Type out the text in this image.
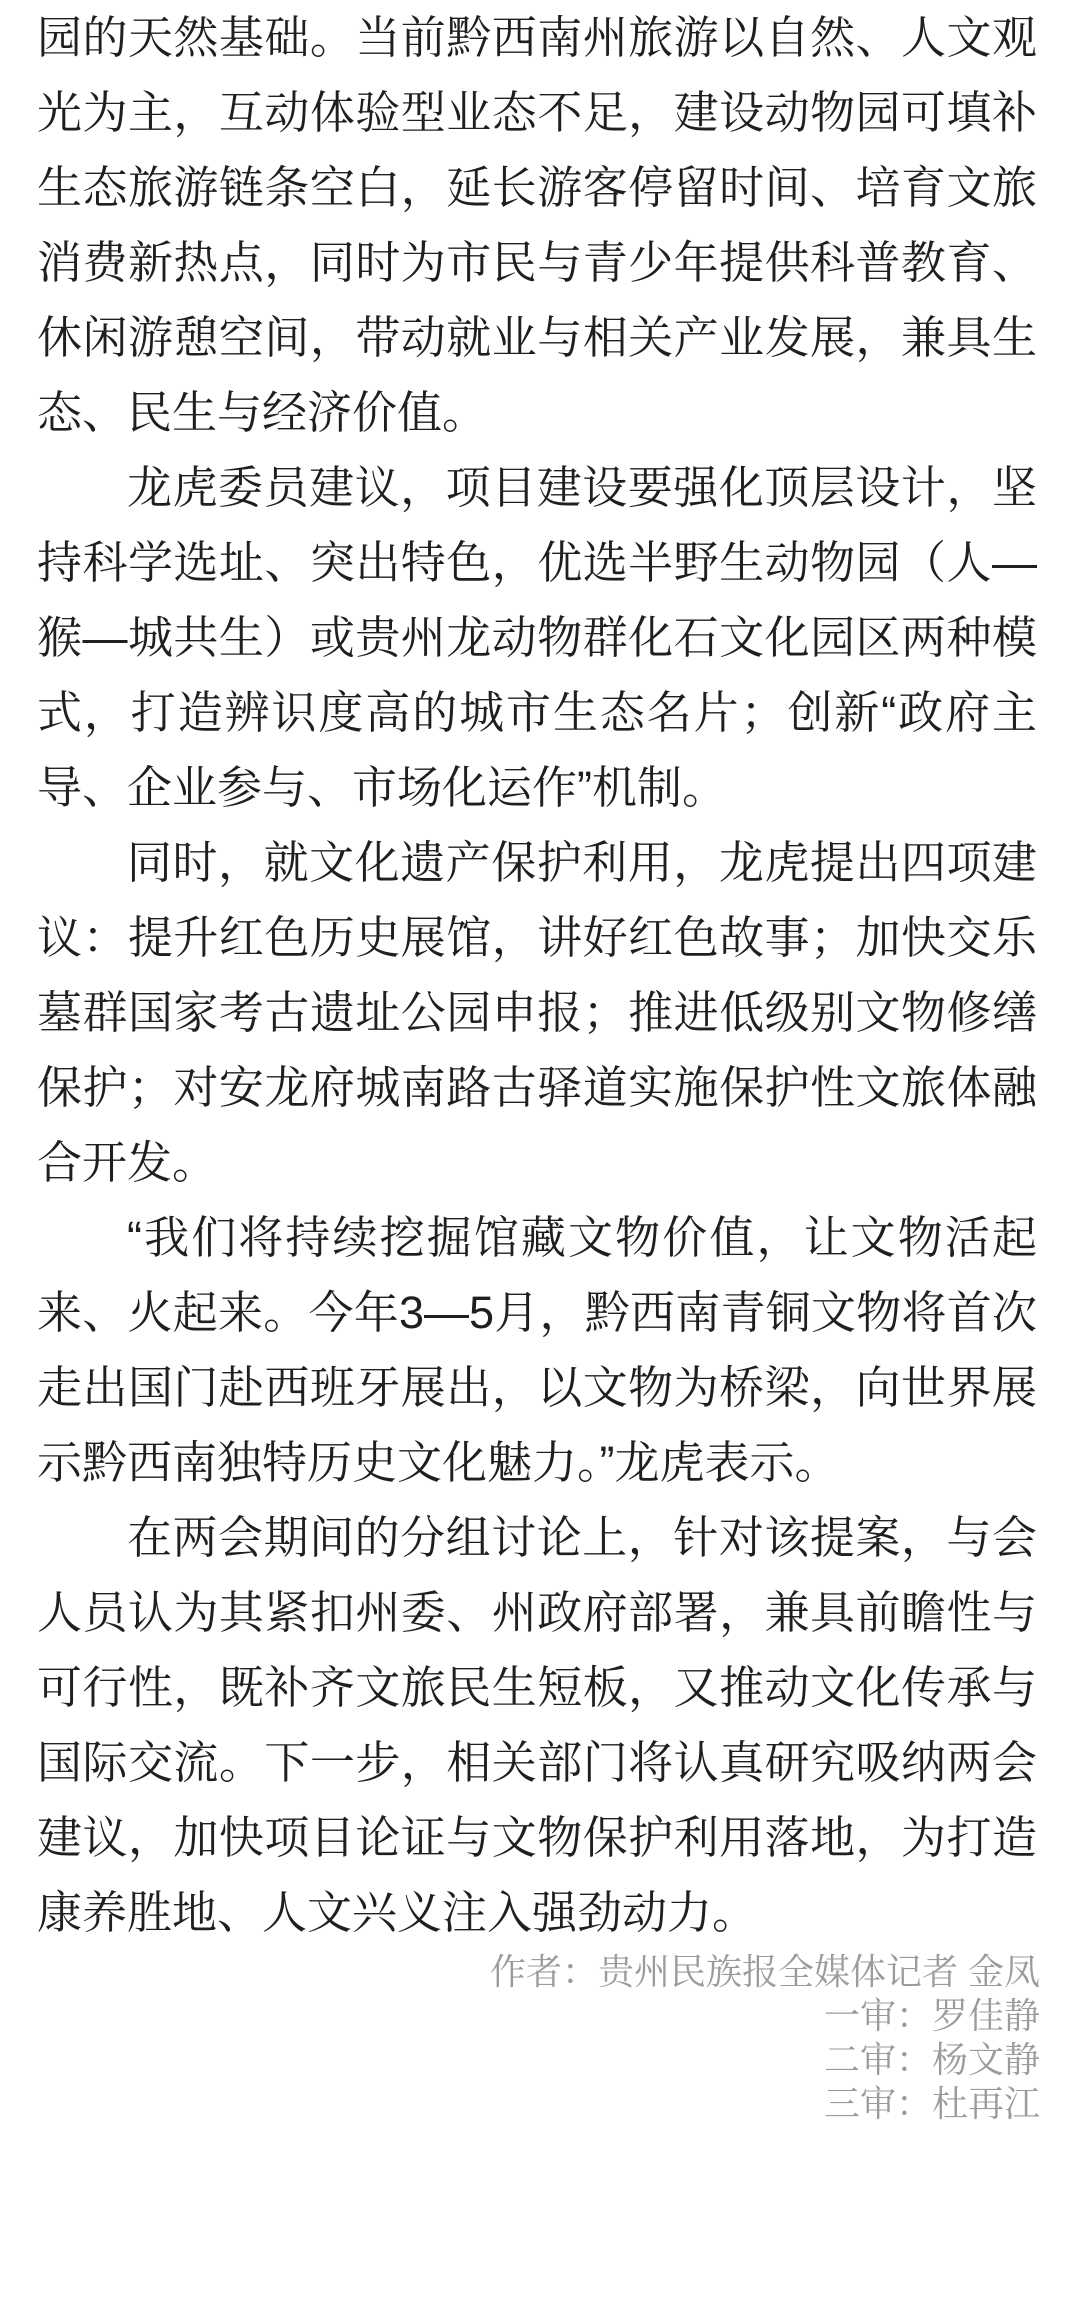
园的天然基础。当前黔西南州旅游以自然、人文观光为主，互动体验型业态不足，建设动物园可填补生态旅游链条空白，延长游客停留时间、培育文旅消费新热点，同时为市民与青少年提供科普教育、休闲游憩空间，带动就业与相关产业发展，兼具生态、民生与经济价值。

龙虎委员建议，项目建设要强化顶层设计，坚持科学选址、突出特色，优选半野生动物园（人—猴—城共生）或贵州龙动物群化石文化园区两种模式，打造辨识度高的城市生态名片；创新“政府主导、企业参与、市场化运作”机制。

同时，就文化遗产保护利用，龙虎提出四项建议：提升红色历史展馆，讲好红色故事；加快交乐墓群国家考古遗址公园申报；推进低级别文物修缮保护；对安龙府城南路古驿道实施保护性文旅体融合开发。

“我们将持续挖掘馆藏文物价值，让文物活起来、火起来。今年3—5月，黔西南青铜文物将首次走出国门赴西班牙展出，以文物为桥梁，向世界展示黔西南独特历史文化魅力。”龙虎表示。

在两会期间的分组讨论上，针对该提案，与会人员认为其紧扣州委、州政府部署，兼具前瞻性与可行性，既补齐文旅民生短板，又推动文化传承与国际交流。下一步，相关部门将认真研究吸纳两会建议，加快项目论证与文物保护利用落地，为打造康养胜地、人文兴义注入强劲动力。

作者：贵州民族报全媒体记者 金凤
一审：罗佳静
二审：杨文静
三审：杜再江
